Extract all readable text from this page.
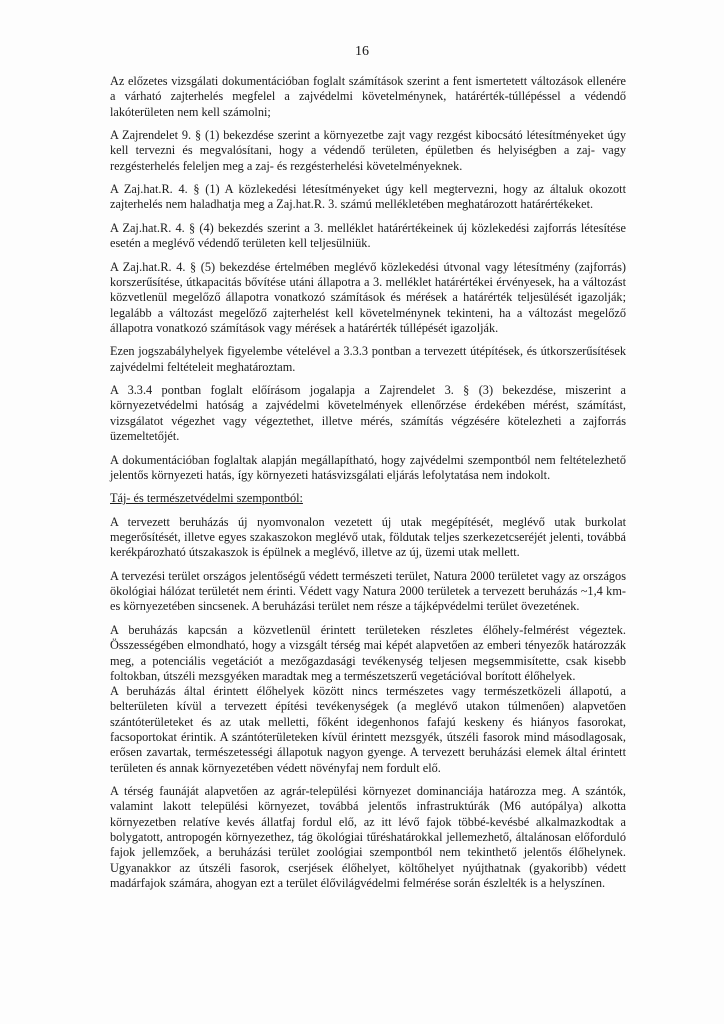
16

Az előzetes vizsgálati dokumentációban foglalt számítások szerint a fent ismertetett változások ellenére a várható zajterhelés megfelel a zajvédelmi követelménynek, határérték-túllépéssel a védendő lakóterületen nem kell számolni;

A Zajrendelet 9. § (1) bekezdése szerint a környezetbe zajt vagy rezgést kibocsátó létesítményeket úgy kell tervezni és megvalósítani, hogy a védendő területen, épületben és helyiségben a zaj- vagy rezgésterhelés feleljen meg a zaj- és rezgésterhelési követelményeknek.

A Zaj.hat.R. 4. § (1) A közlekedési létesítményeket úgy kell megtervezni, hogy az általuk okozott zajterhelés nem haladhatja meg a Zaj.hat.R. 3. számú mellékletében meghatározott határértékeket.

A Zaj.hat.R. 4. § (4) bekezdés szerint a 3. melléklet határértékeinek új közlekedési zajforrás létesítése esetén a meglévő védendő területen kell teljesülniük.

A Zaj.hat.R. 4. § (5) bekezdése értelmében meglévő közlekedési útvonal vagy létesítmény (zajforrás) korszerűsítése, útkapacitás bővítése utáni állapotra a 3. melléklet határértékei érvényesek, ha a változást közvetlenül megelőző állapotra vonatkozó számítások és mérések a határérték teljesülését igazolják; legalább a változást megelőző zajterhelést kell követelménynek tekinteni, ha a változást megelőző állapotra vonatkozó számítások vagy mérések a határérték túllépését igazolják.

Ezen jogszabályhelyek figyelembe vételével a 3.3.3 pontban a tervezett útépítések, és útkorszerűsítések zajvédelmi feltételeit meghatároztam.

A 3.3.4 pontban foglalt előírásom jogalapja a Zajrendelet 3. § (3) bekezdése, miszerint a környezetvédelmi hatóság a zajvédelmi követelmények ellenőrzése érdekében mérést, számítást, vizsgálatot végezhet vagy végeztethet, illetve mérés, számítás végzésére kötelezheti a zajforrás üzemeltetőjét.

A dokumentációban foglaltak alapján megállapítható, hogy zajvédelmi szempontból nem feltételezhető jelentős környezeti hatás, így környezeti hatásvizsgálati eljárás lefolytatása nem indokolt.

Táj- és természetvédelmi szempontból:

A tervezett beruházás új nyomvonalon vezetett új utak megépítését, meglévő utak burkolat megerősítését, illetve egyes szakaszokon meglévő utak, földutak teljes szerkezetcseréjét jelenti, továbbá kerékpározható útszakaszok is épülnek a meglévő, illetve az új, üzemi utak mellett.

A tervezési terület országos jelentőségű védett természeti terület, Natura 2000 területet vagy az országos ökológiai hálózat területét nem érinti. Védett vagy Natura 2000 területek a tervezett beruházás ~1,4 km-es környezetében sincsenek. A beruházási terület nem része a tájképvédelmi terület övezetének.

A beruházás kapcsán a közvetlenül érintett területeken részletes élőhely-felmérést végeztek. Összességében elmondható, hogy a vizsgált térség mai képét alapvetően az emberi tényezők határozzák meg, a potenciális vegetációt a mezőgazdasági tevékenység teljesen megsemmisítette, csak kisebb foltokban, útszéli mezsgyéken maradtak meg a természetszerű vegetációval borított élőhelyek.

A beruházás által érintett élőhelyek között nincs természetes vagy természetközeli állapotú, a belterületen kívül a tervezett építési tevékenységek (a meglévő utakon túlmenően) alapvetően szántóterületeket és az utak melletti, főként idegenhonos fafajú keskeny és hiányos fasorokat, facsoportokat érintik. A szántóterületeken kívül érintett mezsgyék, útszéli fasorok mind másodlagosak, erősen zavartak, természetességi állapotuk nagyon gyenge. A tervezett beruházási elemek által érintett területen és annak környezetében védett növényfaj nem fordult elő.

A térség faunáját alapvetően az agrár-települési környezet dominanciája határozza meg. A szántók, valamint lakott települési környezet, továbbá jelentős infrastruktúrák (M6 autópálya) alkotta környezetben relatíve kevés állatfaj fordul elő, az itt lévő fajok többé-kevésbé alkalmazkodtak a bolygatott, antropogén környezethez, tág ökológiai tűréshatárokkal jellemezhető, általánosan előforduló fajok jellemzőek, a beruházási terület zoológiai szempontból nem tekinthető jelentős élőhelynek. Ugyanakkor az útszéli fasorok, cserjések élőhelyet, költőhelyet nyújthatnak (gyakoribb) védett madárfajok számára, ahogyan ezt a terület élővilágvédelmi felmérése során észlelték is a helyszínen.
